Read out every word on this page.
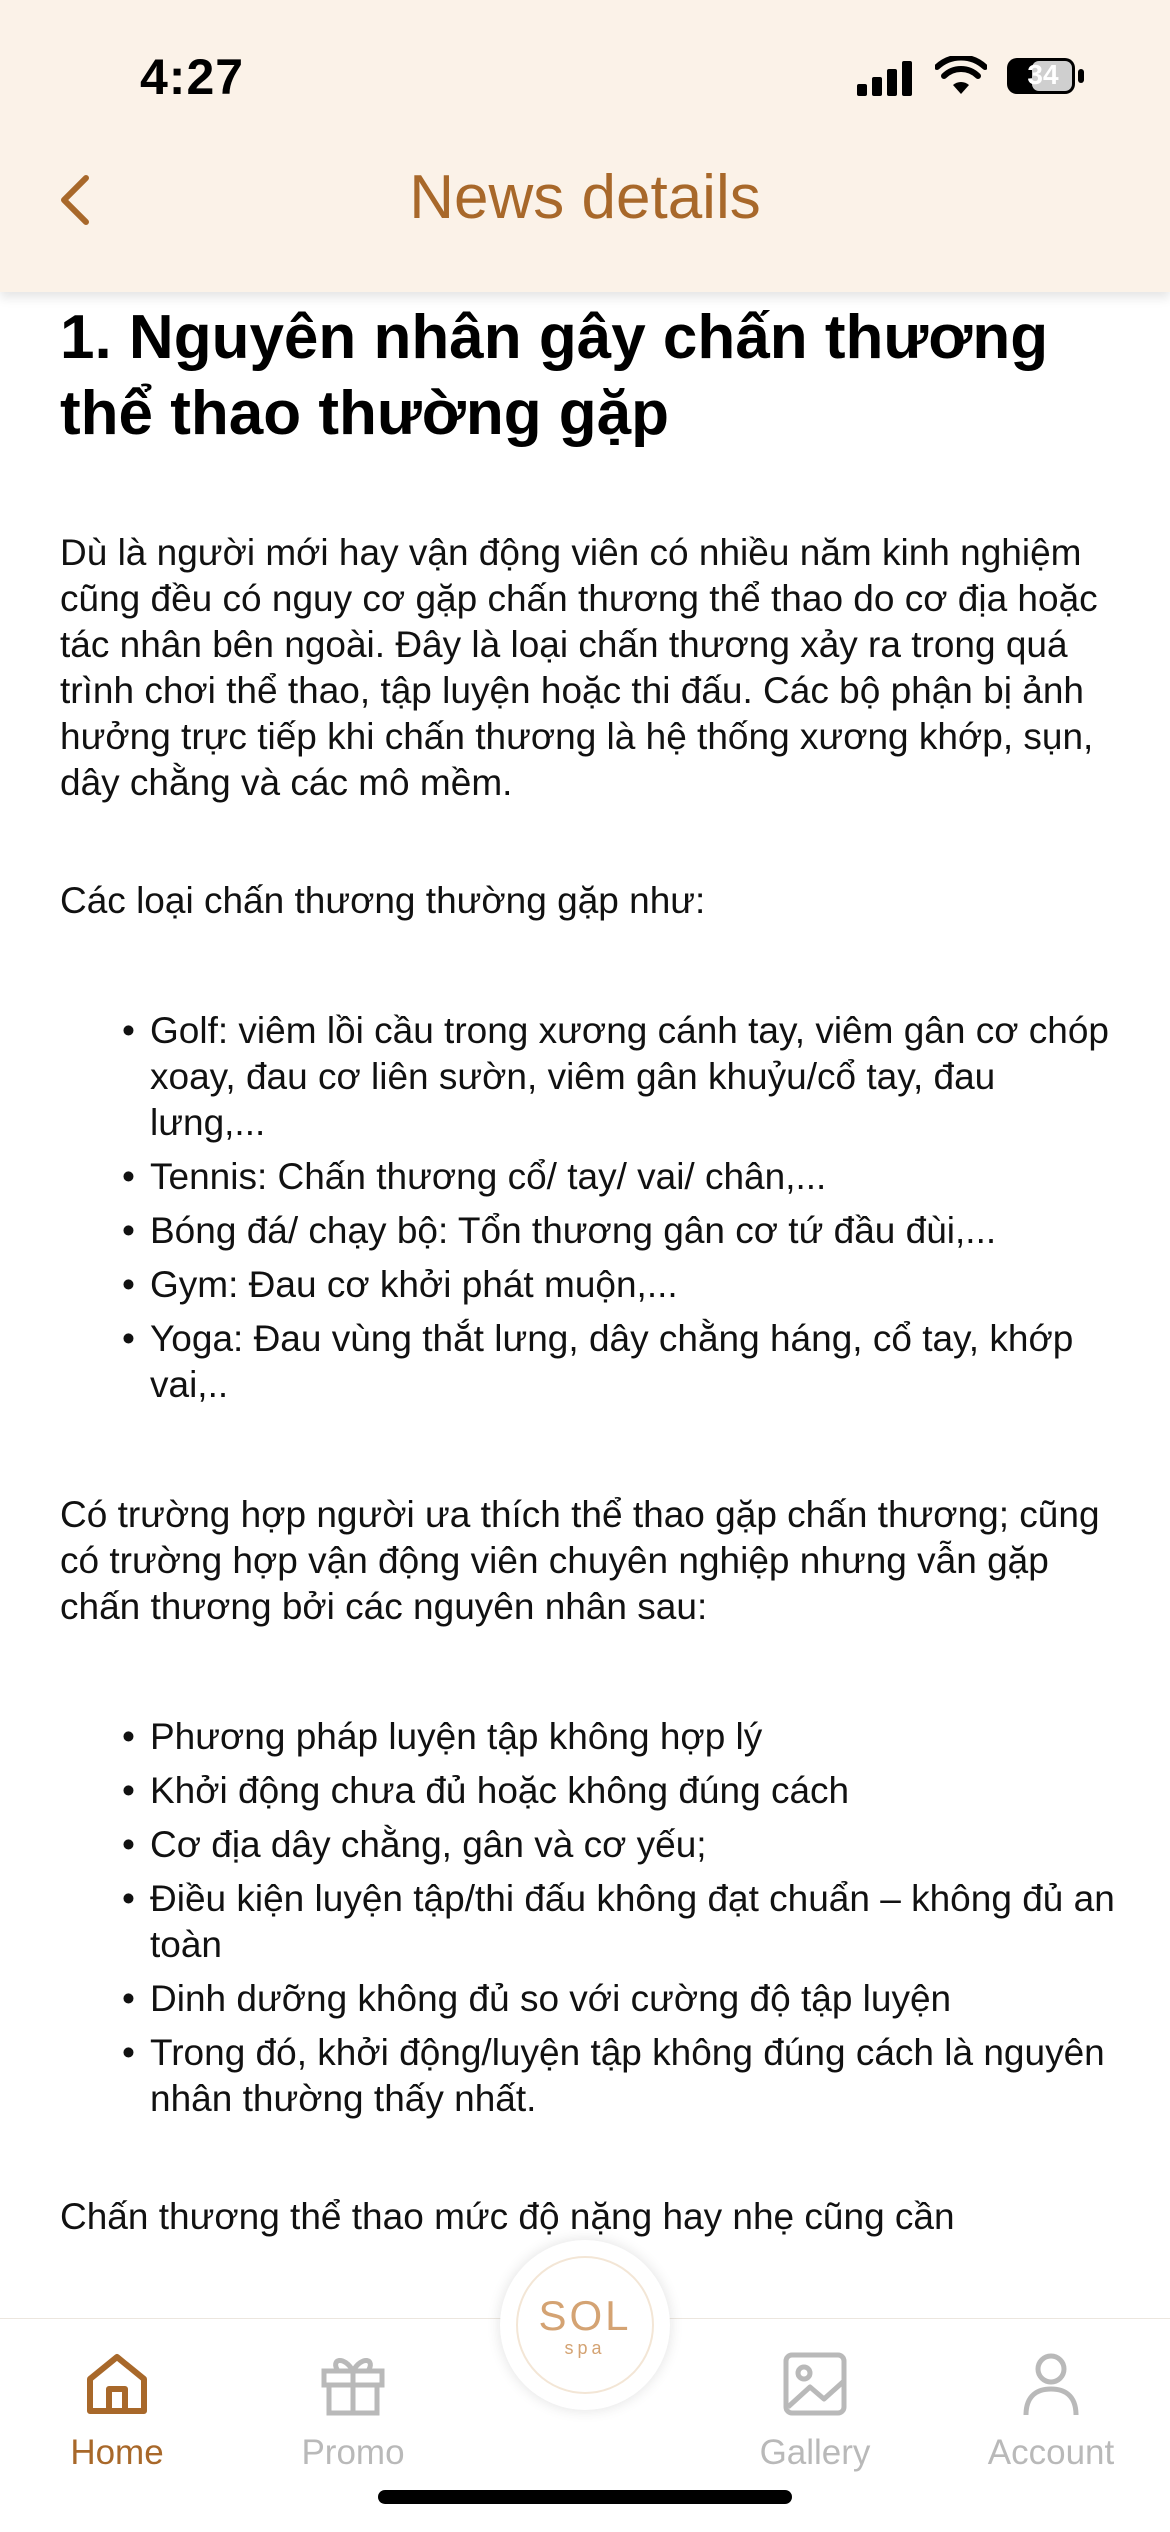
4:27	34
News details
1. Nguyên nhân gây chấn thương thể thao thường gặp

Dù là người mới hay vận động viên có nhiều năm kinh nghiệm cũng đều có nguy cơ gặp chấn thương thể thao do cơ địa hoặc tác nhân bên ngoài. Đây là loại chấn thương xảy ra trong quá trình chơi thể thao, tập luyện hoặc thi đấu. Các bộ phận bị ảnh hưởng trực tiếp khi chấn thương là hệ thống xương khớp, sụn, dây chằng và các mô mềm.

Các loại chấn thương thường gặp như:

• Golf: viêm lồi cầu trong xương cánh tay, viêm gân cơ chóp xoay, đau cơ liên sườn, viêm gân khuỷu/cổ tay, đau lưng,...
• Tennis: Chấn thương cổ/ tay/ vai/ chân,...
• Bóng đá/ chạy bộ: Tổn thương gân cơ tứ đầu đùi,...
• Gym: Đau cơ khởi phát muộn,...
• Yoga: Đau vùng thắt lưng, dây chằng háng, cổ tay, khớp vai,..

Có trường hợp người ưa thích thể thao gặp chấn thương; cũng có trường hợp vận động viên chuyên nghiệp nhưng vẫn gặp chấn thương bởi các nguyên nhân sau:

• Phương pháp luyện tập không hợp lý
• Khởi động chưa đủ hoặc không đúng cách
• Cơ địa dây chằng, gân và cơ yếu;
• Điều kiện luyện tập/thi đấu không đạt chuẩn – không đủ an toàn
• Dinh dưỡng không đủ so với cường độ tập luyện
• Trong đó, khởi động/luyện tập không đúng cách là nguyên nhân thường thấy nhất.

Chấn thương thể thao mức độ nặng hay nhẹ cũng cần

Home	Promo	Gallery	Account
SOL
spa
